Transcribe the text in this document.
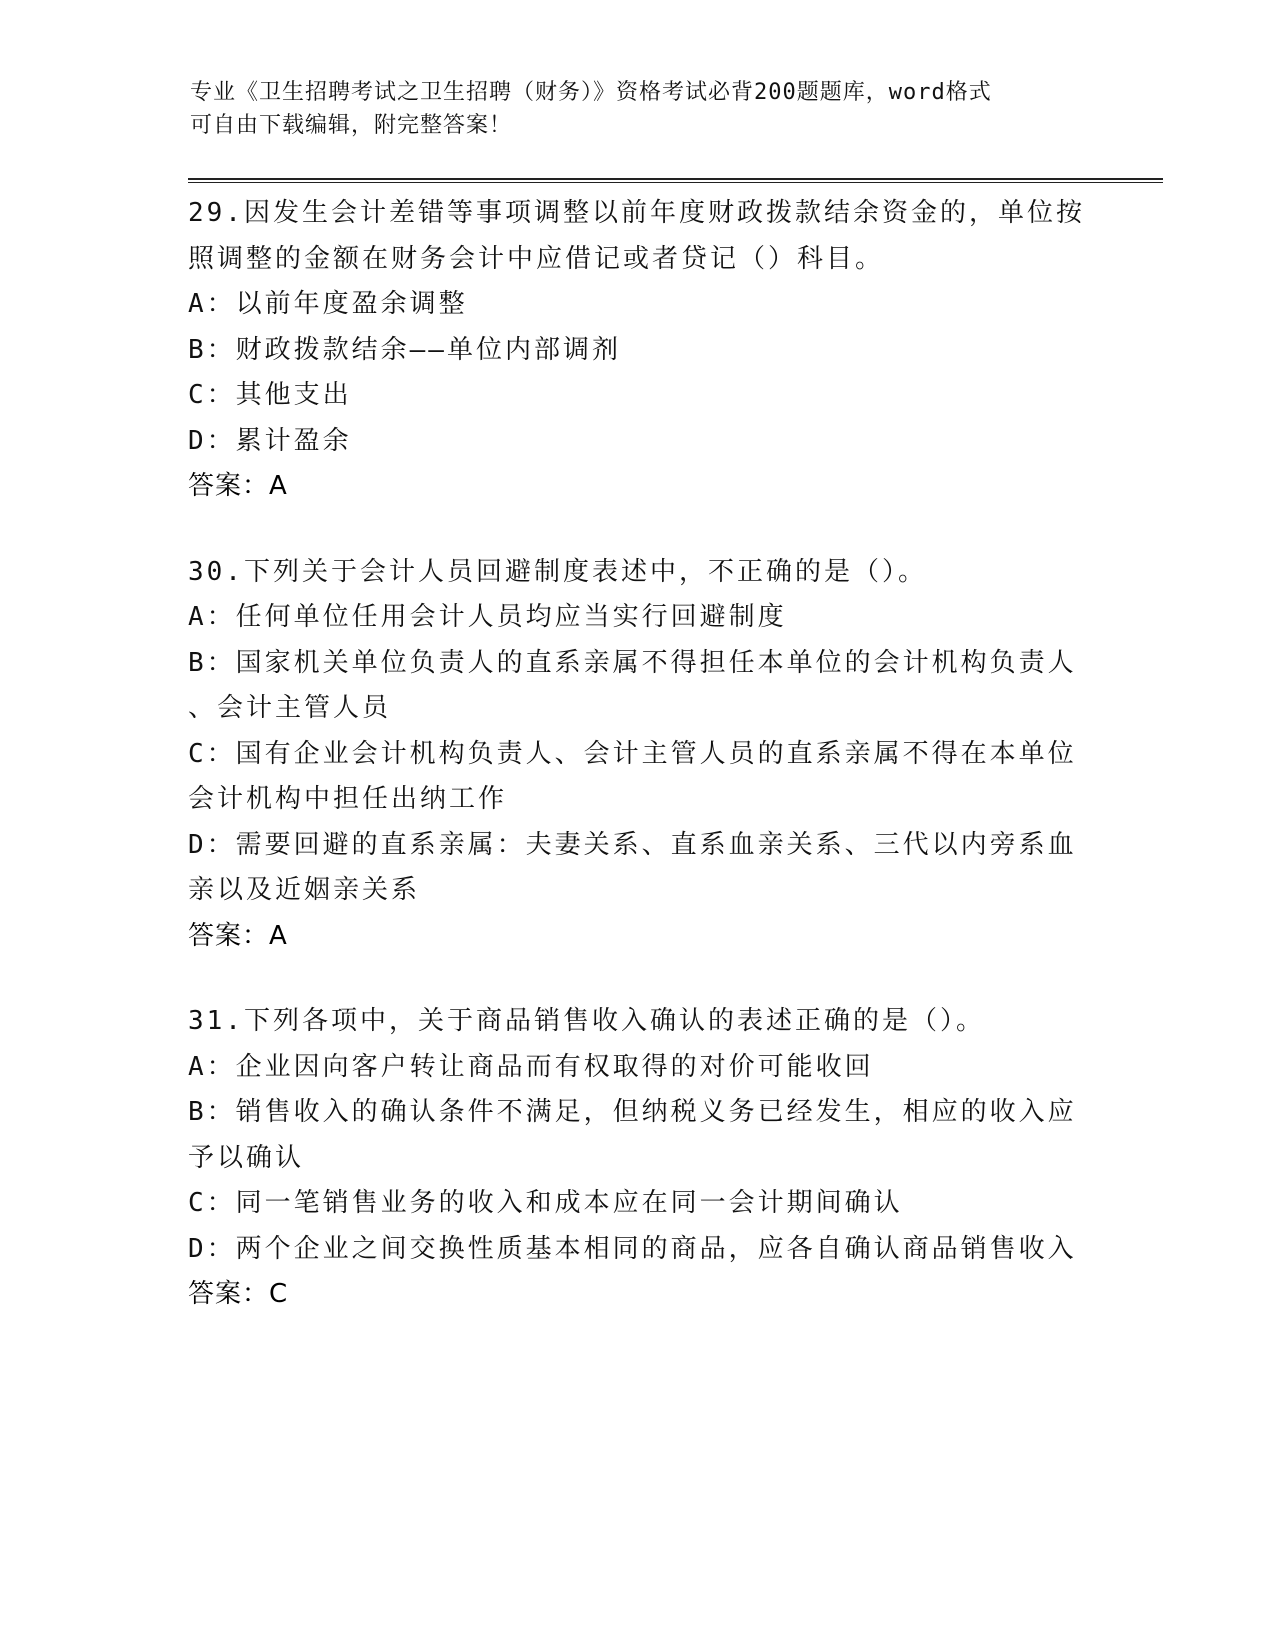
专业《卫生招聘考试之卫生招聘（财务）》资格考试必背200题题库，word格式
可自由下载编辑，附完整答案！
29.因发生会计差错等事项调整以前年度财政拨款结余资金的，单位按
照调整的金额在财务会计中应借记或者贷记（）科目。
A：以前年度盈余调整
B：财政拨款结余——单位内部调剂
C：其他支出
D：累计盈余
答案：A
30.下列关于会计人员回避制度表述中，不正确的是（）。
A：任何单位任用会计人员均应当实行回避制度
B：国家机关单位负责人的直系亲属不得担任本单位的会计机构负责人
、会计主管人员
C：国有企业会计机构负责人、会计主管人员的直系亲属不得在本单位
会计机构中担任出纳工作
D：需要回避的直系亲属：夫妻关系、直系血亲关系、三代以内旁系血
亲以及近姻亲关系
答案：A
31.下列各项中，关于商品销售收入确认的表述正确的是（）。
A：企业因向客户转让商品而有权取得的对价可能收回
B：销售收入的确认条件不满足，但纳税义务已经发生，相应的收入应
予以确认
C：同一笔销售业务的收入和成本应在同一会计期间确认
D：两个企业之间交换性质基本相同的商品，应各自确认商品销售收入
答案：C
